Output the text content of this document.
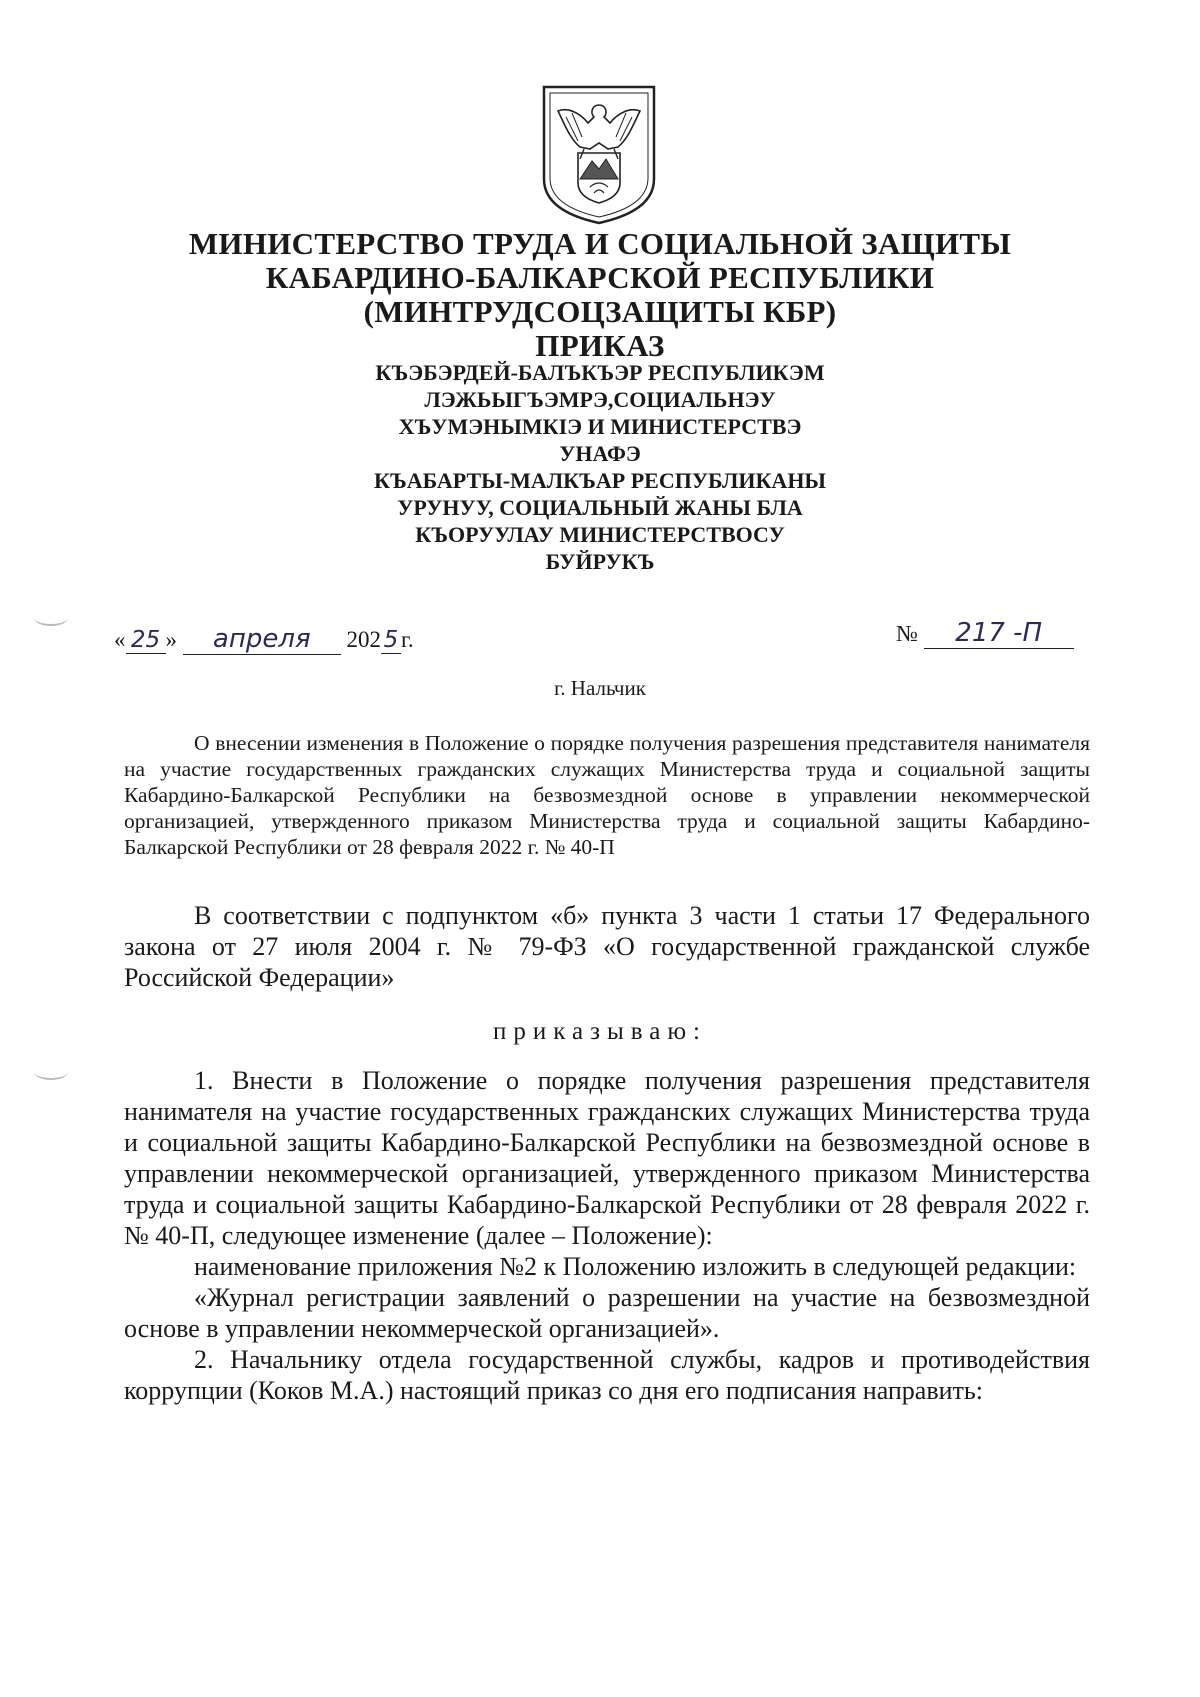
МИНИСТЕРСТВО ТРУДА И СОЦИАЛЬНОЙ ЗАЩИТЫ
КАБАРДИНО-БАЛКАРСКОЙ РЕСПУБЛИКИ
(МИНТРУДСОЦЗАЩИТЫ КБР)
ПРИКАЗ
КЪЭБЭРДЕЙ-БАЛЪКЪЭР РЕСПУБЛИКЭМ
ЛЭЖЬЫГЪЭМРЭ,СОЦИАЛЬНЭУ
ХЪУМЭНЫМКIЭ И МИНИСТЕРСТВЭ
УНАФЭ
КЪАБАРТЫ-МАЛКЪАР РЕСПУБЛИКАНЫ
УРУНУУ, СОЦИАЛЬНЫЙ ЖАНЫ БЛА
КЪОРУУЛАУ МИНИСТЕРСТВОСУ
БУЙРУКЪ
« 25 » апреля 202 5 г.	№ 217 -П
г. Нальчик

О внесении изменения в Положение о порядке получения разрешения представителя нанимателя на участие государственных гражданских служащих Министерства труда и социальной защиты Кабардино-Балкарской Республики на безвозмездной основе в управлении некоммерческой организацией, утвержденного приказом Министерства труда и социальной защиты Кабардино-Балкарской Республики от 28 февраля 2022 г. № 40-П

В соответствии с подпунктом «б» пункта 3 части 1 статьи 17 Федерального закона от 27 июля 2004 г. № 79-ФЗ «О государственной гражданской службе Российской Федерации»

приказываю:

1. Внести в Положение о порядке получения разрешения представителя нанимателя на участие государственных гражданских служащих Министерства труда и социальной защиты Кабардино-Балкарской Республики на безвозмездной основе в управлении некоммерческой организацией, утвержденного приказом Министерства труда и социальной защиты Кабардино-Балкарской Республики от 28 февраля 2022 г. № 40-П, следующее изменение (далее – Положение):

наименование приложения №2 к Положению изложить в следующей редакции:

«Журнал регистрации заявлений о разрешении на участие на безвозмездной основе в управлении некоммерческой организацией».

2. Начальнику отдела государственной службы, кадров и противодействия коррупции (Коков М.А.) настоящий приказ со дня его подписания направить:
